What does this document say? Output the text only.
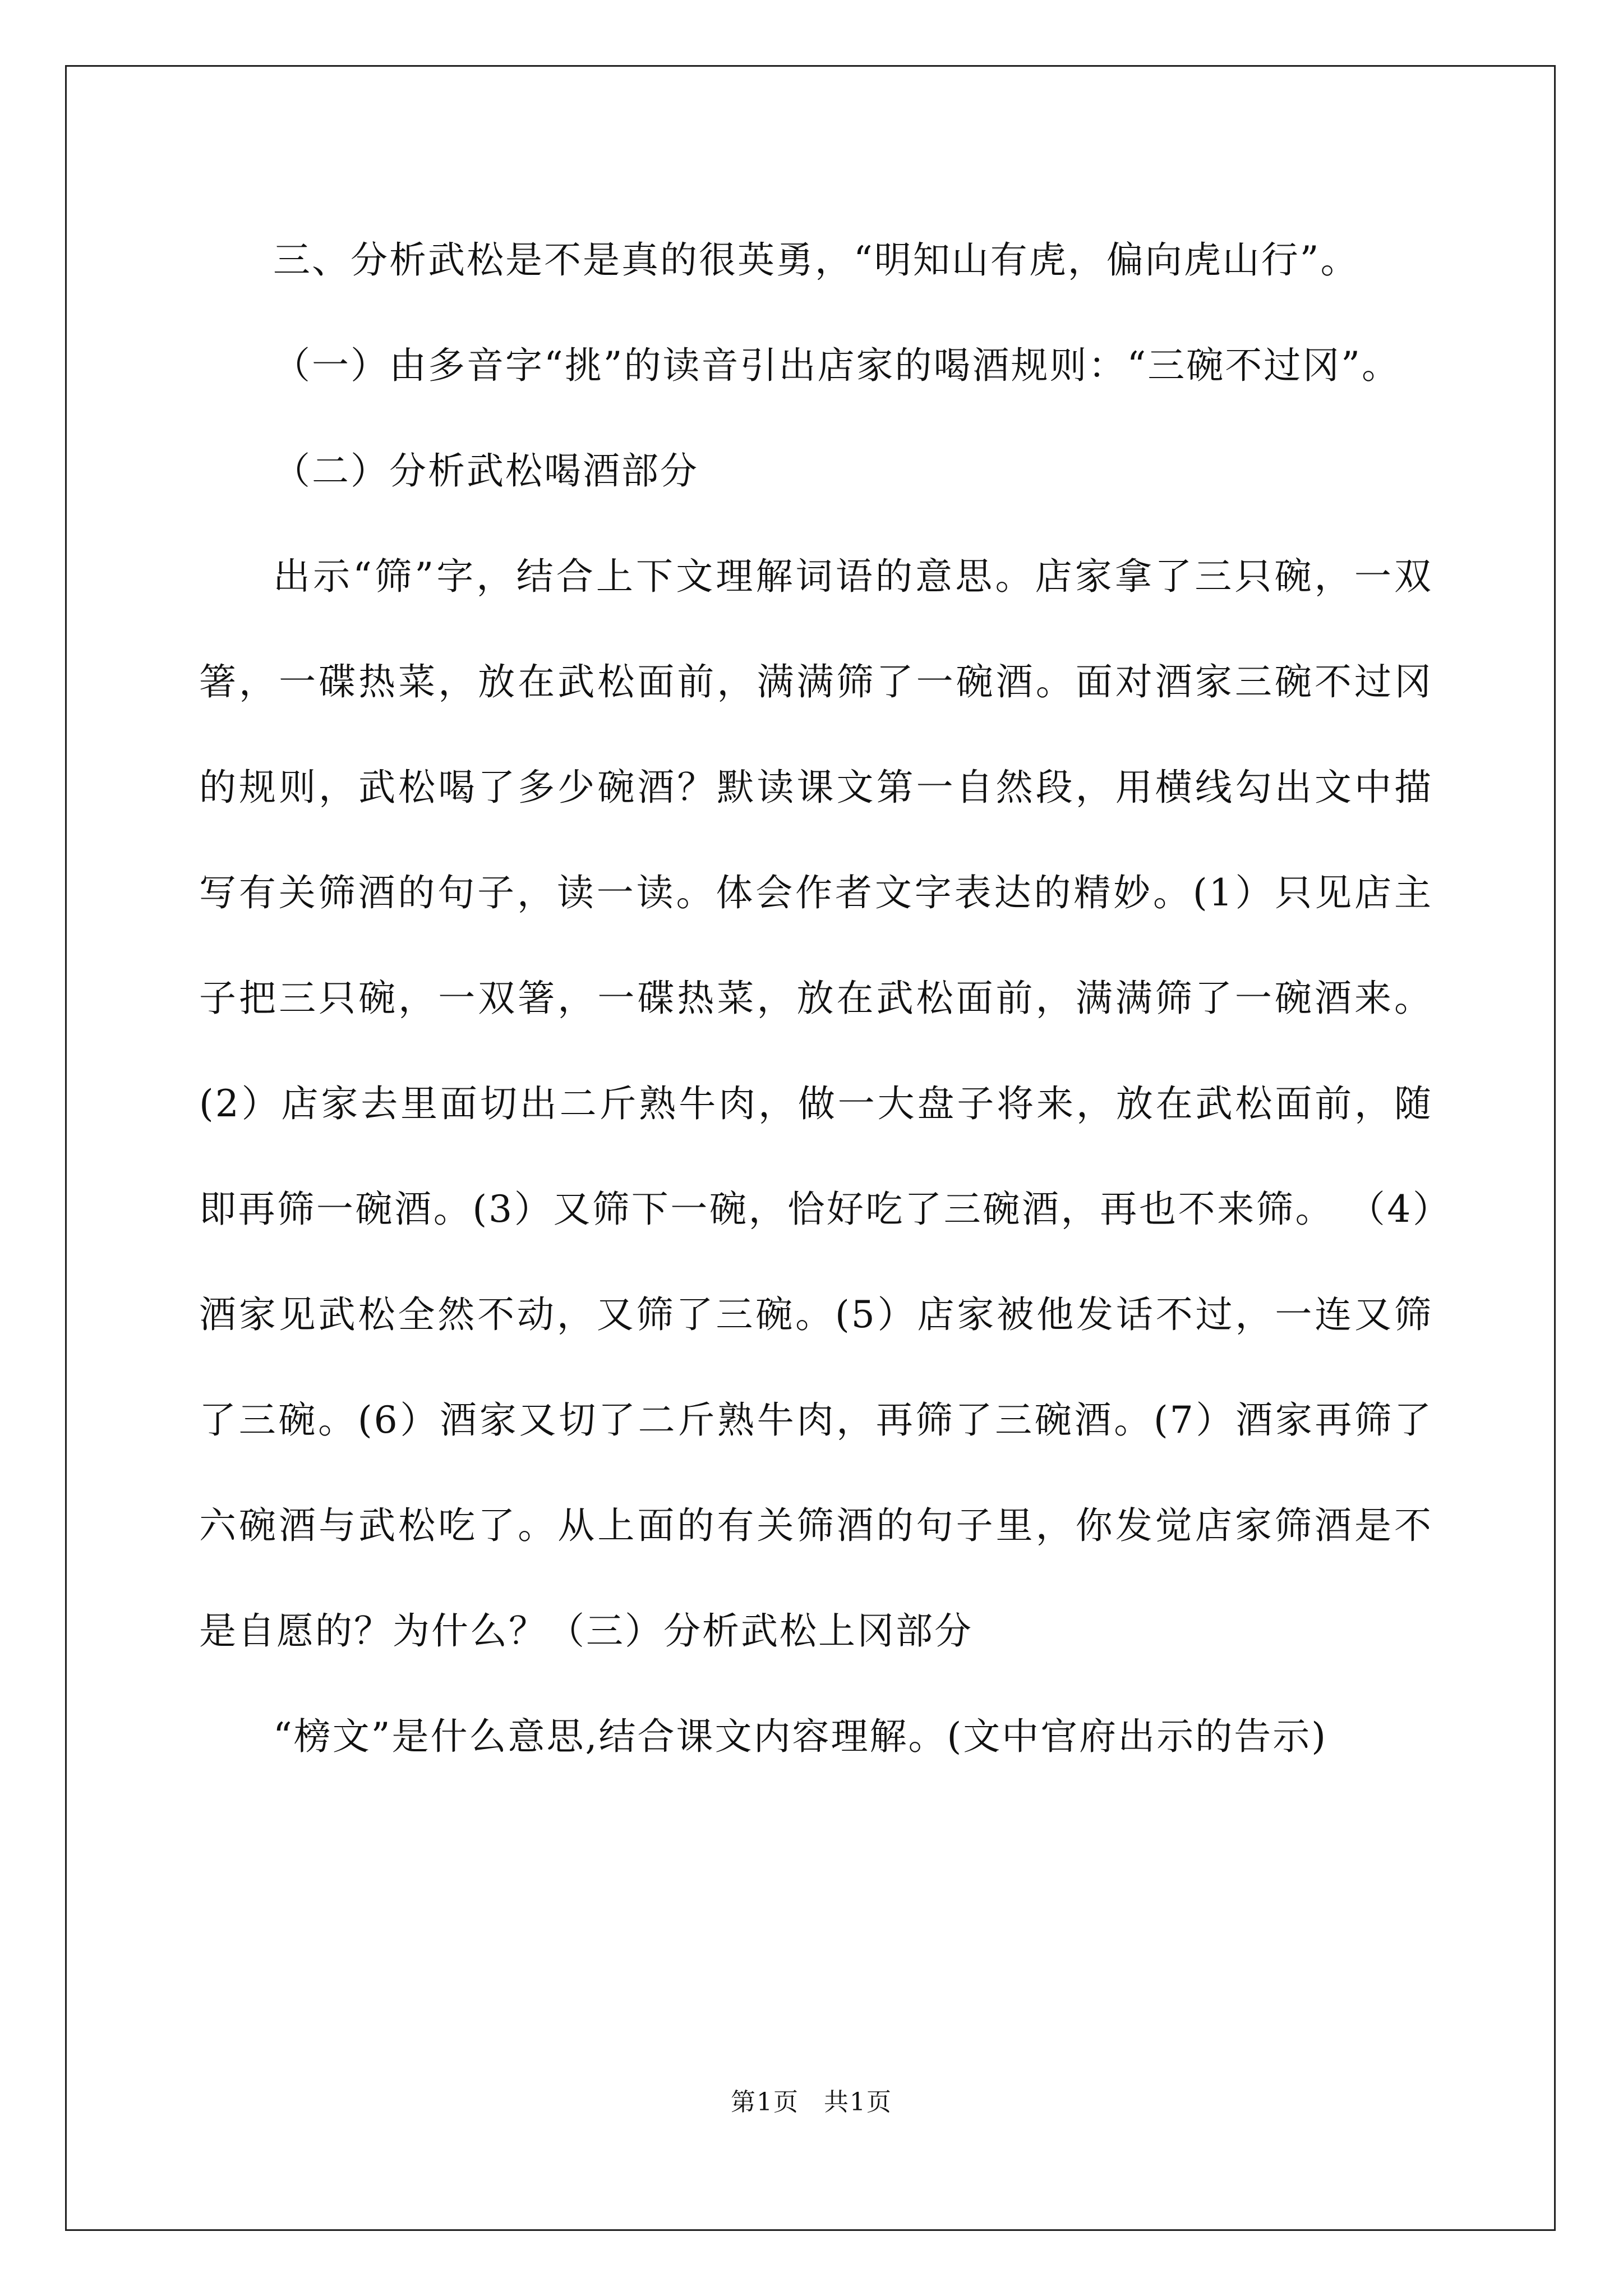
三、分析武松是不是真的很英勇，“明知山有虎，偏向虎山行”。

（一）由多音字“挑”的读音引出店家的喝酒规则：“三碗不过冈”。

（二）分析武松喝酒部分

出示“筛”字，结合上下文理解词语的意思。店家拿了三只碗，一双箸，一碟热菜，放在武松面前，满满筛了一碗酒。面对酒家三碗不过冈的规则，武松喝了多少碗酒？默读课文第一自然段，用横线勾出文中描写有关筛酒的句子，读一读。体会作者文字表达的精妙。(1）只见店主子把三只碗，一双箸，一碟热菜，放在武松面前，满满筛了一碗酒来。(2）店家去里面切出二斤熟牛肉，做一大盘子将来，放在武松面前，随即再筛一碗酒。(3）又筛下一碗，恰好吃了三碗酒，再也不来筛。 （4）酒家见武松全然不动，又筛了三碗。(5）店家被他发话不过，一连又筛了三碗。(6）酒家又切了二斤熟牛肉，再筛了三碗酒。(7）酒家再筛了六碗酒与武松吃了。从上面的有关筛酒的句子里，你发觉店家筛酒是不是自愿的？为什么？（三）分析武松上冈部分

“榜文”是什么意思,结合课文内容理解。(文中官府出示的告示)

第1页 共1页
